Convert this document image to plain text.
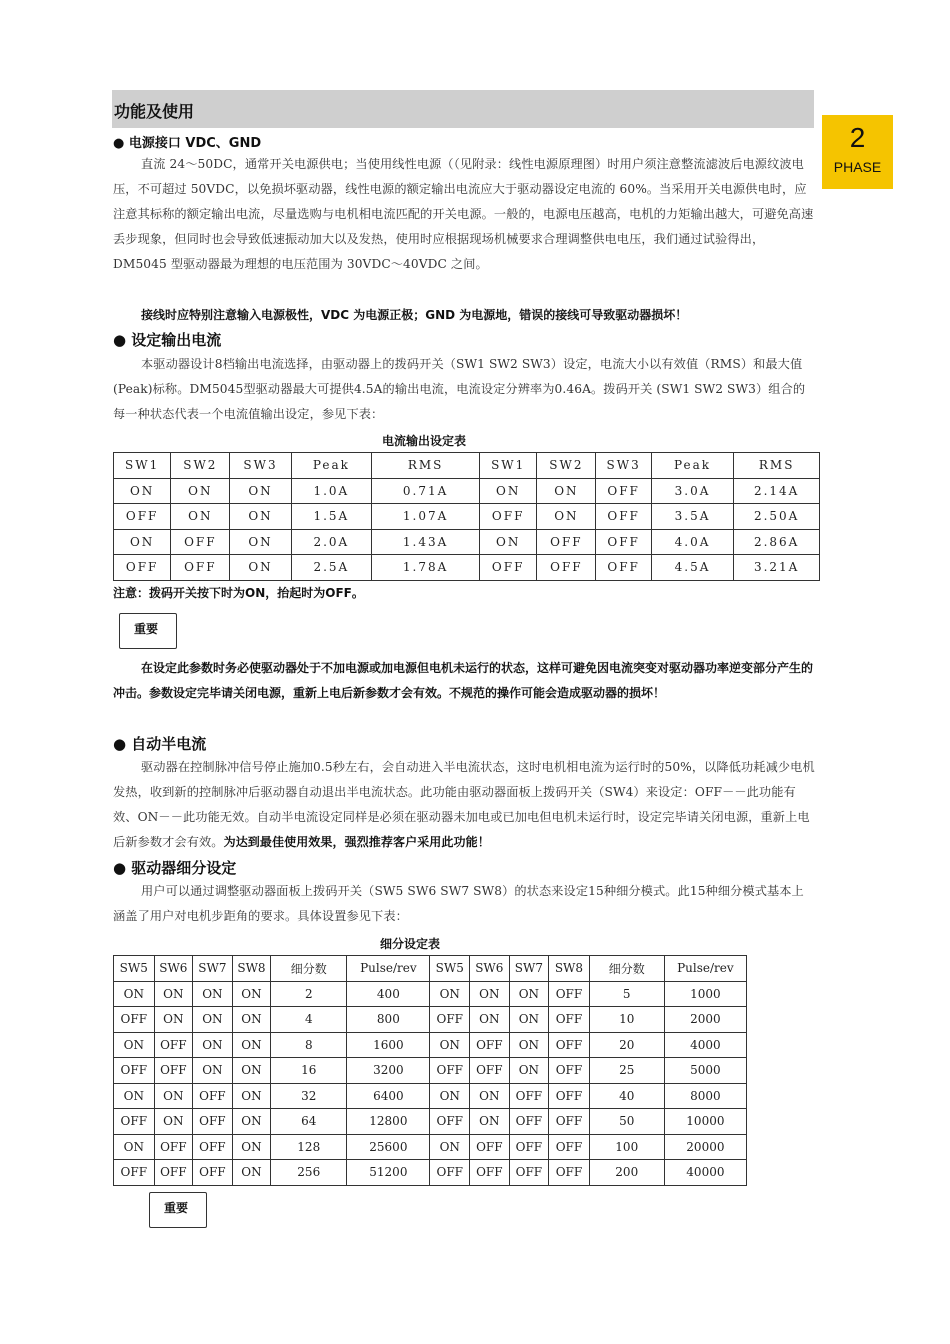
功能及使用
2
PHASE
● 电源接口 VDC、GND
直流 24～50DC，通常开关电源供电；当使用线性电源（（见附录：线性电源原理图）时用户须注意整流滤波后电源纹波电压，不可超过 50VDC，以免损坏驱动器，线性电源的额定输出电流应大于驱动器设定电流的 60%。当采用开关电源供电时，应注意其标称的额定输出电流，尽量选购与电机相电流匹配的开关电源。一般的，电源电压越高，电机的力矩输出越大，可避免高速丢步现象，但同时也会导致低速振动加大以及发热，使用时应根据现场机械要求合理调整供电电压，我们通过试验得出，DM5045 型驱动器最为理想的电压范围为 30VDC～40VDC 之间。
接线时应特别注意输入电源极性，VDC 为电源正极；GND 为电源地，错误的接线可导致驱动器损坏！
● 设定输出电流
本驱动器设计8档输出电流选择，由驱动器上的拨码开关（SW1 SW2 SW3）设定，电流大小以有效值（RMS）和最大值(Peak)标称。DM5045型驱动器最大可提供4.5A的输出电流，电流设定分辨率为0.46A。拨码开关 (SW1 SW2 SW3）组合的每一种状态代表一个电流值输出设定，参见下表：
电流输出设定表
SW1	SW2	SW3	Peak	RMS	SW1	SW2	SW3	Peak	RMS
ON	ON	ON	1.0A	0.71A	ON	ON	OFF	3.0A	2.14A
OFF	ON	ON	1.5A	1.07A	OFF	ON	OFF	3.5A	2.50A
ON	OFF	ON	2.0A	1.43A	ON	OFF	OFF	4.0A	2.86A
OFF	OFF	ON	2.5A	1.78A	OFF	OFF	OFF	4.5A	3.21A
注意：拨码开关按下时为ON，抬起时为OFF。
重要
在设定此参数时务必使驱动器处于不加电源或加电源但电机未运行的状态，这样可避免因电流突变对驱动器功率逆变部分产生的冲击。参数设定完毕请关闭电源，重新上电后新参数才会有效。不规范的操作可能会造成驱动器的损坏！
● 自动半电流
驱动器在控制脉冲信号停止施加0.5秒左右，会自动进入半电流状态，这时电机相电流为运行时的50%，以降低功耗减少电机发热，收到新的控制脉冲后驱动器自动退出半电流状态。此功能由驱动器面板上拨码开关（SW4）来设定：OFF－－此功能有效、ON－－此功能无效。自动半电流设定同样是必须在驱动器未加电或已加电但电机未运行时，设定完毕请关闭电源，重新上电后新参数才会有效。为达到最佳使用效果，强烈推荐客户采用此功能！
● 驱动器细分设定
用户可以通过调整驱动器面板上拨码开关（SW5 SW6 SW7 SW8）的状态来设定15种细分模式。此15种细分模式基本上涵盖了用户对电机步距角的要求。具体设置参见下表：
细分设定表
SW5	SW6	SW7	SW8	细分数	Pulse/rev	SW5	SW6	SW7	SW8	细分数	Pulse/rev
ON	ON	ON	ON	2	400	ON	ON	ON	OFF	5	1000
OFF	ON	ON	ON	4	800	OFF	ON	ON	OFF	10	2000
ON	OFF	ON	ON	8	1600	ON	OFF	ON	OFF	20	4000
OFF	OFF	ON	ON	16	3200	OFF	OFF	ON	OFF	25	5000
ON	ON	OFF	ON	32	6400	ON	ON	OFF	OFF	40	8000
OFF	ON	OFF	ON	64	12800	OFF	ON	OFF	OFF	50	10000
ON	OFF	OFF	ON	128	25600	ON	OFF	OFF	OFF	100	20000
OFF	OFF	OFF	ON	256	51200	OFF	OFF	OFF	OFF	200	40000
重要
